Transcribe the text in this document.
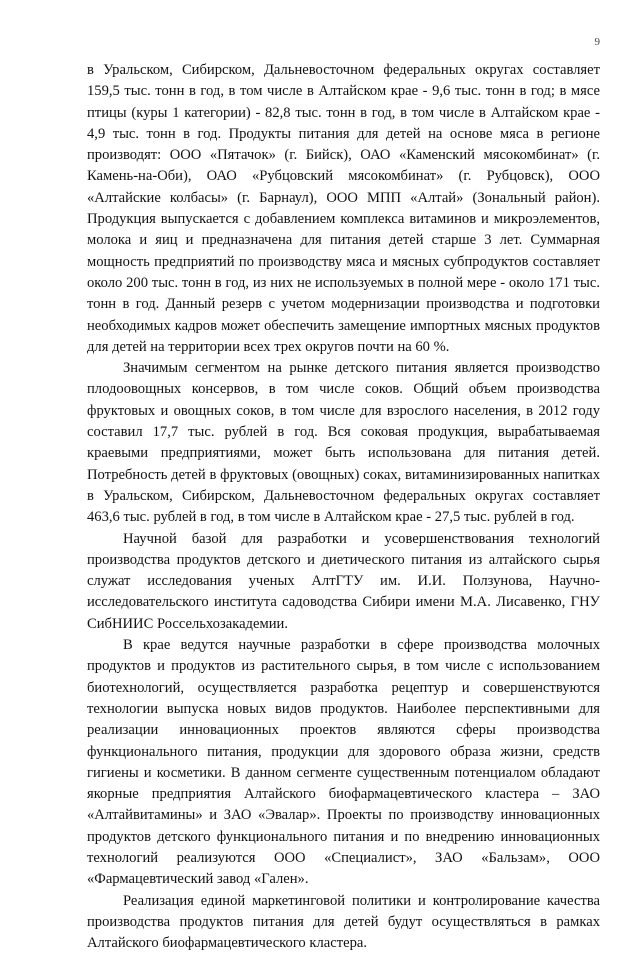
9

в Уральском, Сибирском, Дальневосточном федеральных округах составляет 159,5 тыс. тонн в год, в том числе в Алтайском крае - 9,6 тыс. тонн в год; в мясе птицы (куры 1 категории) - 82,8 тыс. тонн в год, в том числе в Алтайском крае - 4,9 тыс. тонн в год. Продукты питания для детей на основе мяса в регионе производят: ООО «Пятачок» (г. Бийск), ОАО «Каменский мясокомбинат» (г. Камень-на-Оби), ОАО «Рубцовский мясокомбинат» (г. Рубцовск), ООО «Алтайские колбасы» (г. Барнаул), ООО МПП «Алтай» (Зональный район). Продукция выпускается с добавлением комплекса витаминов и микроэлементов, молока и яиц и предназначена для питания детей старше 3 лет. Суммарная мощность предприятий по производству мяса и мясных субпродуктов составляет около 200 тыс. тонн в год, из них не используемых в полной мере - около 171 тыс. тонн в год. Данный резерв с учетом модернизации производства и подготовки необходимых кадров может обеспечить замещение импортных мясных продуктов для детей на территории всех трех округов почти на 60 %.

Значимым сегментом на рынке детского питания является производство плодоовощных консервов, в том числе соков. Общий объем производства фруктовых и овощных соков, в том числе для взрослого населения, в 2012 году составил 17,7 тыс. рублей в год. Вся соковая продукция, вырабатываемая краевыми предприятиями, может быть использована для питания детей. Потребность детей в фруктовых (овощных) соках, витаминизированных напитках в Уральском, Сибирском, Дальневосточном федеральных округах составляет 463,6 тыс. рублей в год, в том числе в Алтайском крае - 27,5 тыс. рублей в год.

Научной базой для разработки и усовершенствования технологий производства продуктов детского и диетического питания из алтайского сырья служат исследования ученых АлтГТУ им. И.И. Ползунова, Научно-исследовательского института садоводства Сибири имени М.А. Лисавенко, ГНУ СибНИИС Россельхозакадемии.

В крае ведутся научные разработки в сфере производства молочных продуктов и продуктов из растительного сырья, в том числе с использованием биотехнологий, осуществляется разработка рецептур и совершенствуются технологии выпуска новых видов продуктов. Наиболее перспективными для реализации инновационных проектов являются сферы производства функционального питания, продукции для здорового образа жизни, средств гигиены и косметики. В данном сегменте существенным потенциалом обладают якорные предприятия Алтайского биофармацевтического кластера – ЗАО «Алтайвитамины» и ЗАО «Эвалар». Проекты по производству инновационных продуктов детского функционального питания и по внедрению инновационных технологий реализуются ООО «Специалист», ЗАО «Бальзам», ООО «Фармацевтический завод «Гален».

Реализация единой маркетинговой политики и контролирование качества производства продуктов питания для детей будут осуществляться в рамках Алтайского биофармацевтического кластера.
